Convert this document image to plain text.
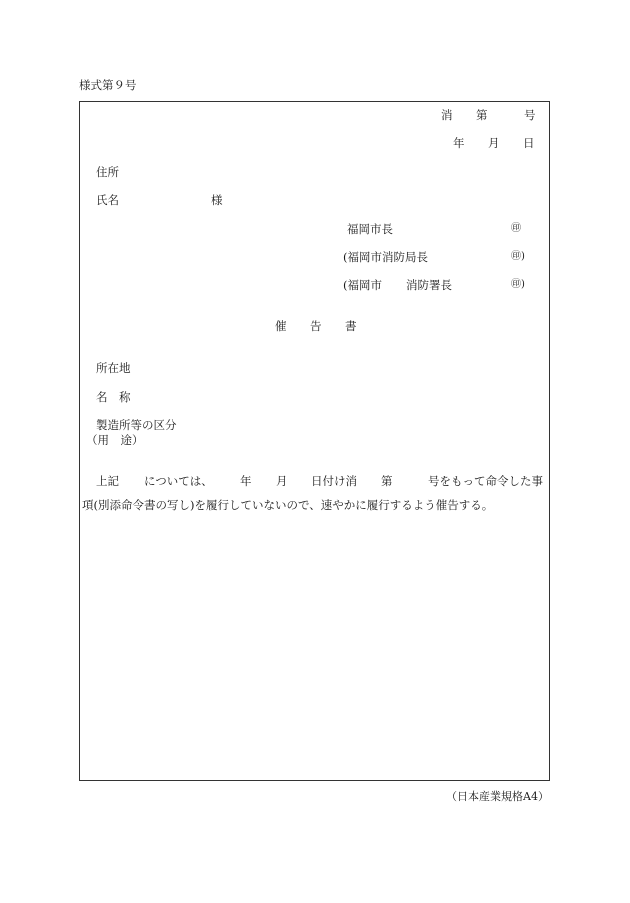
様式第９号
消 第	号
年 月 日
住所
氏名	様
福岡市長	㊞
(福岡市消防局長	㊞)
(福岡市 消防署長	㊞)
催 告 書
所在地
名 称
製造所等の区分
（用　途）
上記 については、 年 月 日付け消 第	号をもって命令した事
項(別添命令書の写し)を履行していないので、速やかに履行するよう催告する。
（日本産業規格A4）
